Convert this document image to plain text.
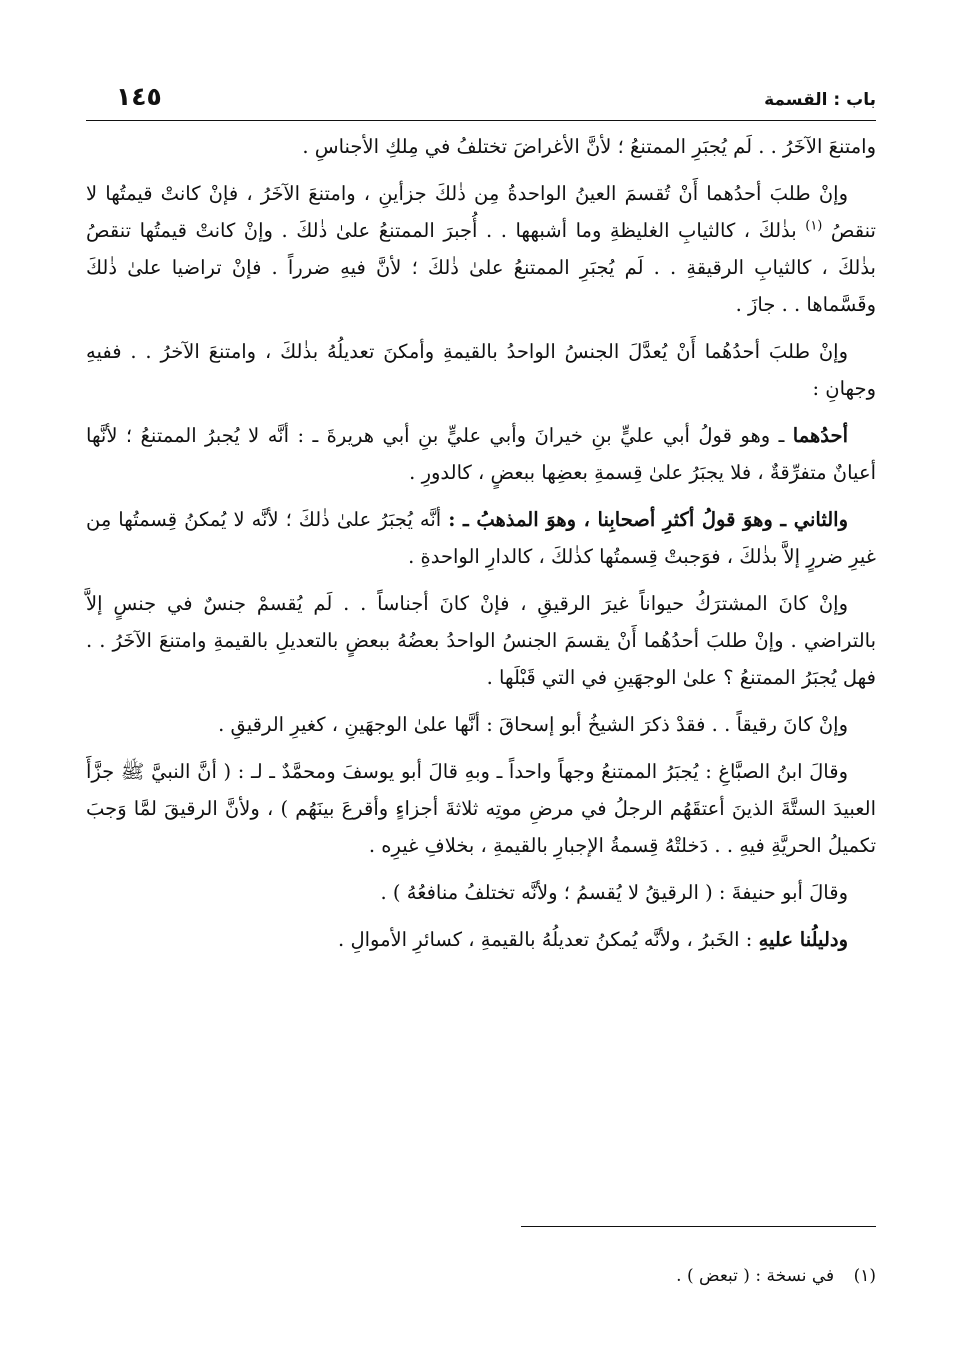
باب : القسمة
١٤٥

وامتنعَ الآخَرُ . . لَم يُجبَرِ الممتنعُ ؛ لأنَّ الأغراضَ تختلفُ في مِلكِ الأجناسِ .

وإنْ طلبَ أحدُهما أَنْ تُقسمَ العينُ الواحدةُ مِن ذٰلكَ جزأينِ ، وامتنعَ الآخَرُ ، فإنْ كانتْ قيمتُها لا تنقصُ $^{(١)}$ بذٰلكَ ، كالثيابِ الغليظةِ وما أشبهها . . أُجبرَ الممتنعُ علىٰ ذٰلكَ . وإنْ كانتْ قيمتُها تنقصُ بذٰلكَ ، كالثيابِ الرقيقةِ . . لَم يُجبَرِ الممتنعُ علىٰ ذٰلكَ ؛ لأنَّ فيهِ ضرراً . فإنْ تراضيا علىٰ ذٰلكَ وقَسَّماها . . جازَ .

وإنْ طلبَ أحدُهُما أَنْ يُعدَّلَ الجنسُ الواحدُ بالقيمةِ وأمكنَ تعديلُهُ بذٰلكَ ، وامتنعَ الآخرُ . . ففيهِ وجهانِ :

أحدُهما ـ وهو قولُ أبي عليٍّ بنِ خيرانَ وأبي عليٍّ بنِ أبي هريرةَ ـ : أنَّه لا يُجبرُ الممتنعُ ؛ لأنَّها أعيانٌ متفرِّقةٌ ، فلا يجبَرُ علىٰ قِسمةِ بعضِها ببعضٍ ، كالدورِ .

والثاني ـ وهوَ قولُ أكثرِ أصحابِنا ، وهوَ المذهبُ ـ : أنَّه يُجبَرُ علىٰ ذٰلكَ ؛ لأنَّه لا يُمكنُ قِسمتُها مِن غيرِ ضررٍ إلاَّ بذٰلكَ ، فوَجبتْ قِسمتُها كذٰلكَ ، كالدارِ الواحدةِ .

وإنْ كانَ المشترَكُ حيواناً غيرَ الرقيقِ ، فإنْ كانَ أجناساً . . لَم يُقسمْ جنسٌ في جنسٍ إلاَّ بالتراضي . وإنْ طلبَ أحدُهُما أَنْ يقسمَ الجنسُ الواحدُ بعضُهُ ببعضٍ بالتعديلِ بالقيمةِ وامتنعَ الآخَرُ . . فهل يُجبَرُ الممتنعُ ؟ علىٰ الوجهَينِ في التي قَبْلَها .

وإنْ كانَ رقيقاً . . فقدْ ذكرَ الشيخُ أبو إسحاقَ : أنَّها علىٰ الوجهَينِ ، كغيرِ الرقيقِ .

وقالَ ابنُ الصبَّاغِ : يُجبَرُ الممتنعُ وجهاً واحداً ـ وبهِ قالَ أبو يوسفَ ومحمَّدٌ ـ لـ : ( أنَّ النبيَّ ﷺ جزَّأَ العبيدَ الستَّةَ الذينَ أعتقَهُم الرجلُ في مرضِ موتِه ثلاثةَ أجزاءٍ وأقرعَ بينَهُم ) ، ولأنَّ الرقيقَ لمَّا وَجبَ تكميلُ الحريَّةِ فيهِ . . دَخلتْهُ قِسمةُ الإجبارِ بالقيمةِ ، بخلافِ غيرِه .

وقالَ أبو حنيفةَ : ( الرقيقُ لا يُقسمُ ؛ ولأنَّه تختلفُ منافعُهُ ) .

ودليلُنا عليهِ : الخَبرُ ، ولأنَّه يُمكنُ تعديلُهُ بالقيمةِ ، كسائرِ الأموالِ .

(١) في نسخة : ( تبعض ) .
